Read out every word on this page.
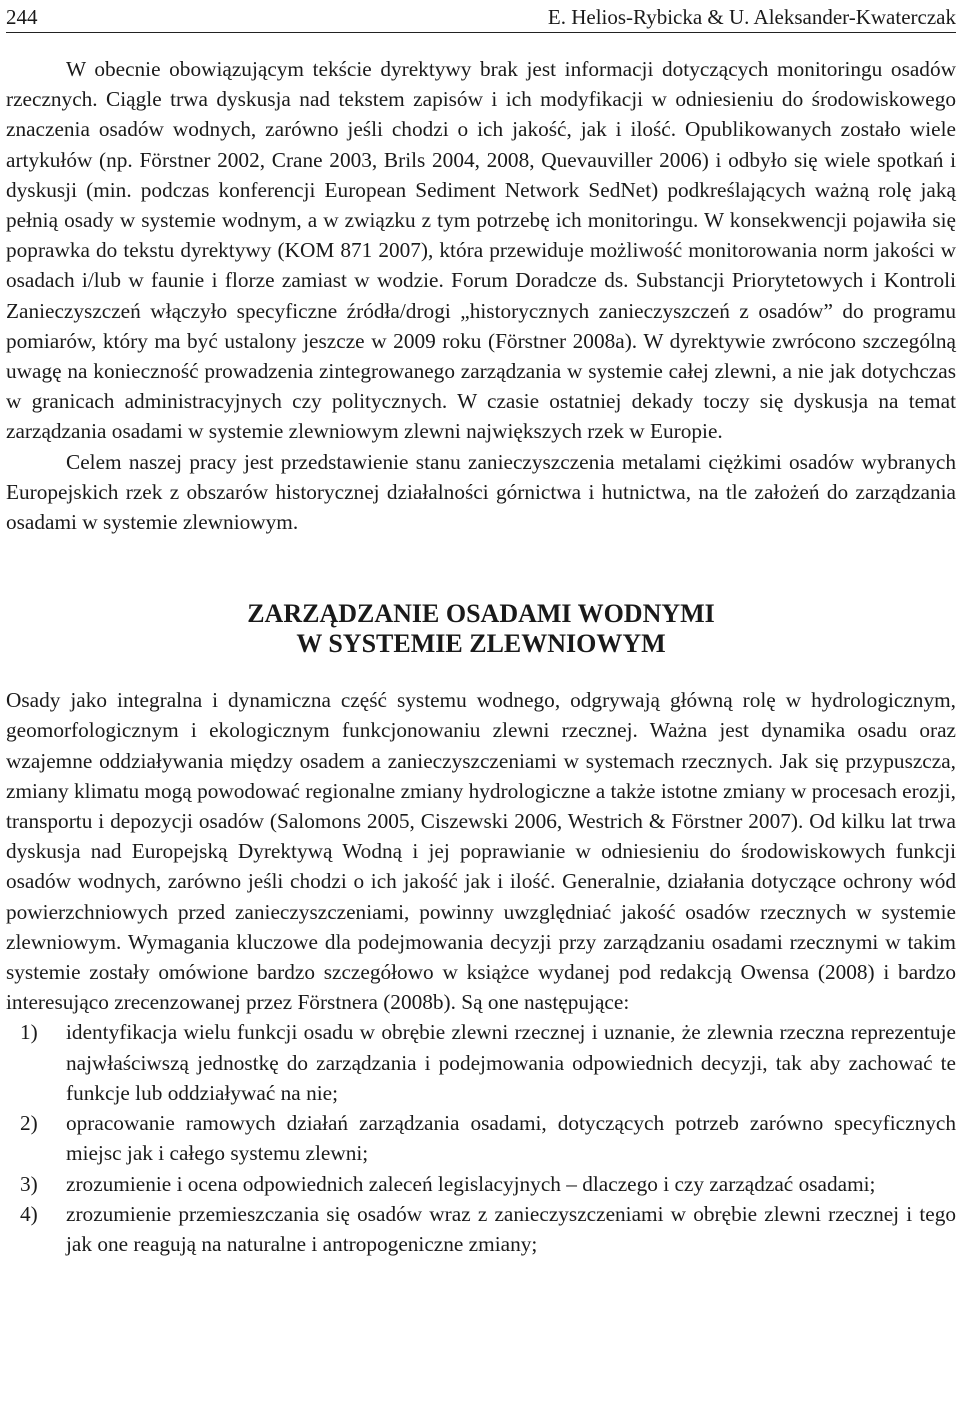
244	E. Helios-Rybicka & U. Aleksander-Kwaterczak

W obecnie obowiązującym tekście dyrektywy brak jest informacji dotyczących monitoringu osadów rzecznych. Ciągle trwa dyskusja nad tekstem zapisów i ich modyfikacji w odniesieniu do środowiskowego znaczenia osadów wodnych, zarówno jeśli chodzi o ich jakość, jak i ilość. Opublikowanych zostało wiele artykułów (np. Förstner 2002, Crane 2003, Brils 2004, 2008, Quevauviller 2006) i odbyło się wiele spotkań i dyskusji (min. podczas konferencji European Sediment Network SedNet) podkreślających ważną rolę jaką pełnią osady w systemie wodnym, a w związku z tym potrzebę ich monitoringu. W konsekwencji pojawiła się poprawka do tekstu dyrektywy (KOM 871 2007), która przewiduje możliwość monitorowania norm jakości w osadach i/lub w faunie i florze zamiast w wodzie. Forum Doradcze ds. Substancji Priorytetowych i Kontroli Zanieczyszczeń włączyło specyficzne źródła/drogi „historycznych zanieczyszczeń z osadów” do programu pomiarów, który ma być ustalony jeszcze w 2009 roku (Förstner 2008a). W dyrektywie zwrócono szczególną uwagę na konieczność prowadzenia zintegrowanego zarządzania w systemie całej zlewni, a nie jak dotychczas w granicach administracyjnych czy politycznych. W czasie ostatniej dekady toczy się dyskusja na temat zarządzania osadami w systemie zlewniowym zlewni największych rzek w Europie.

Celem naszej pracy jest przedstawienie stanu zanieczyszczenia metalami ciężkimi osadów wybranych Europejskich rzek z obszarów historycznej działalności górnictwa i hutnictwa, na tle założeń do zarządzania osadami w systemie zlewniowym.

ZARZĄDZANIE OSADAMI WODNYMI
W SYSTEMIE ZLEWNIOWYM

Osady jako integralna i dynamiczna część systemu wodnego, odgrywają główną rolę w hydrologicznym, geomorfologicznym i ekologicznym funkcjonowaniu zlewni rzecznej. Ważna jest dynamika osadu oraz wzajemne oddziaływania między osadem a zanieczyszczeniami w systemach rzecznych. Jak się przypuszcza, zmiany klimatu mogą powodować regionalne zmiany hydrologiczne a także istotne zmiany w procesach erozji, transportu i depozycji osadów (Salomons 2005, Ciszewski 2006, Westrich & Förstner 2007). Od kilku lat trwa dyskusja nad Europejską Dyrektywą Wodną i jej poprawianie w odniesieniu do środowiskowych funkcji osadów wodnych, zarówno jeśli chodzi o ich jakość jak i ilość. Generalnie, działania dotyczące ochrony wód powierzchniowych przed zanieczyszczeniami, powinny uwzględniać jakość osadów rzecznych w systemie zlewniowym. Wymagania kluczowe dla podejmowania decyzji przy zarządzaniu osadami rzecznymi w takim systemie zostały omówione bardzo szczegółowo w książce wydanej pod redakcją Owensa (2008) i bardzo interesująco zrecenzowanej przez Förstnera (2008b). Są one następujące:

1) identyfikacja wielu funkcji osadu w obrębie zlewni rzecznej i uznanie, że zlewnia rzeczna reprezentuje najwłaściwszą jednostkę do zarządzania i podejmowania odpowiednich decyzji, tak aby zachować te funkcje lub oddziaływać na nie;
2) opracowanie ramowych działań zarządzania osadami, dotyczących potrzeb zarówno specyficznych miejsc jak i całego systemu zlewni;
3) zrozumienie i ocena odpowiednich zaleceń legislacyjnych – dlaczego i czy zarządzać osadami;
4) zrozumienie przemieszczania się osadów wraz z zanieczyszczeniami w obrębie zlewni rzecznej i tego jak one reagują na naturalne i antropogeniczne zmiany;
